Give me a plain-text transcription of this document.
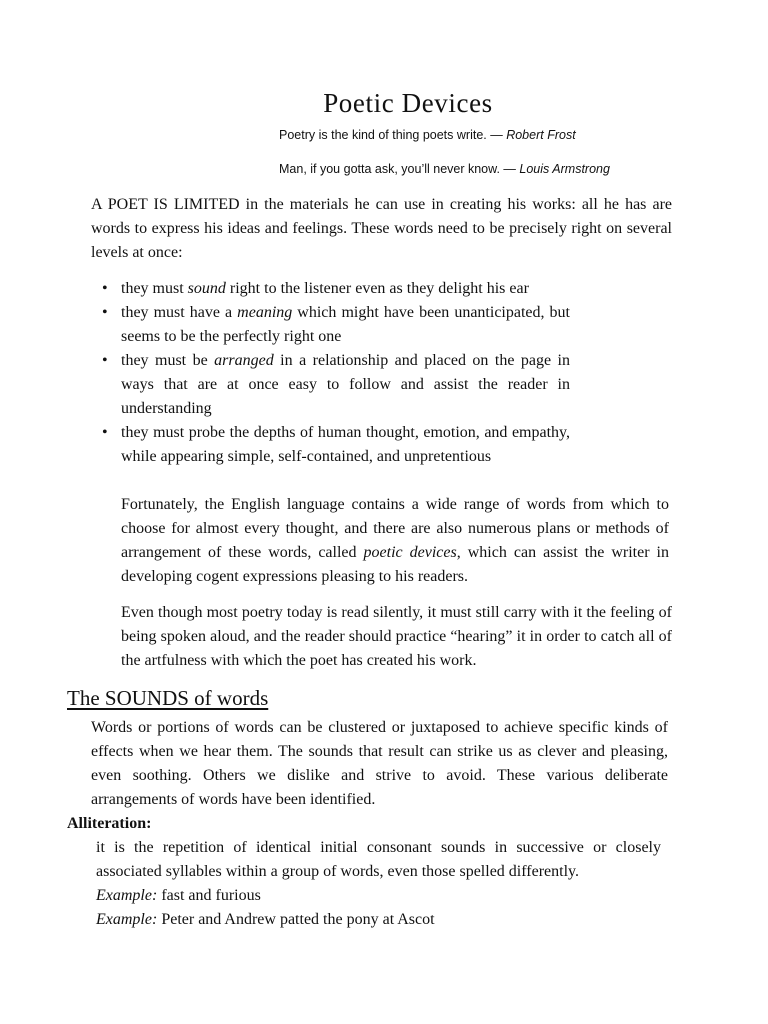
Poetic Devices
Poetry is the kind of thing poets write. — Robert Frost
Man, if you gotta ask, you’ll never know. — Louis Armstrong

A POET IS LIMITED in the materials he can use in creating his works: all he has are words to express his ideas and feelings. These words need to be precisely right on several levels at once:

• they must sound right to the listener even as they delight his ear
• they must have a meaning which might have been unanticipated, but seems to be the perfectly right one
• they must be arranged in a relationship and placed on the page in ways that are at once easy to follow and assist the reader in understanding
• they must probe the depths of human thought, emotion, and empathy, while appearing simple, self-contained, and unpretentious

Fortunately, the English language contains a wide range of words from which to choose for almost every thought, and there are also numerous plans or methods of arrangement of these words, called poetic devices, which can assist the writer in developing cogent expressions pleasing to his readers.

Even though most poetry today is read silently, it must still carry with it the feeling of being spoken aloud, and the reader should practice “hearing” it in order to catch all of the artfulness with which the poet has created his work.

The SOUNDS of words

Words or portions of words can be clustered or juxtaposed to achieve specific kinds of effects when we hear them. The sounds that result can strike us as clever and pleasing, even soothing. Others we dislike and strive to avoid. These various deliberate arrangements of words have been identified.

Alliteration:

it is the repetition of identical initial consonant sounds in successive or closely associated syllables within a group of words, even those spelled differently.

Example: fast and furious
Example: Peter and Andrew patted the pony at Ascot
